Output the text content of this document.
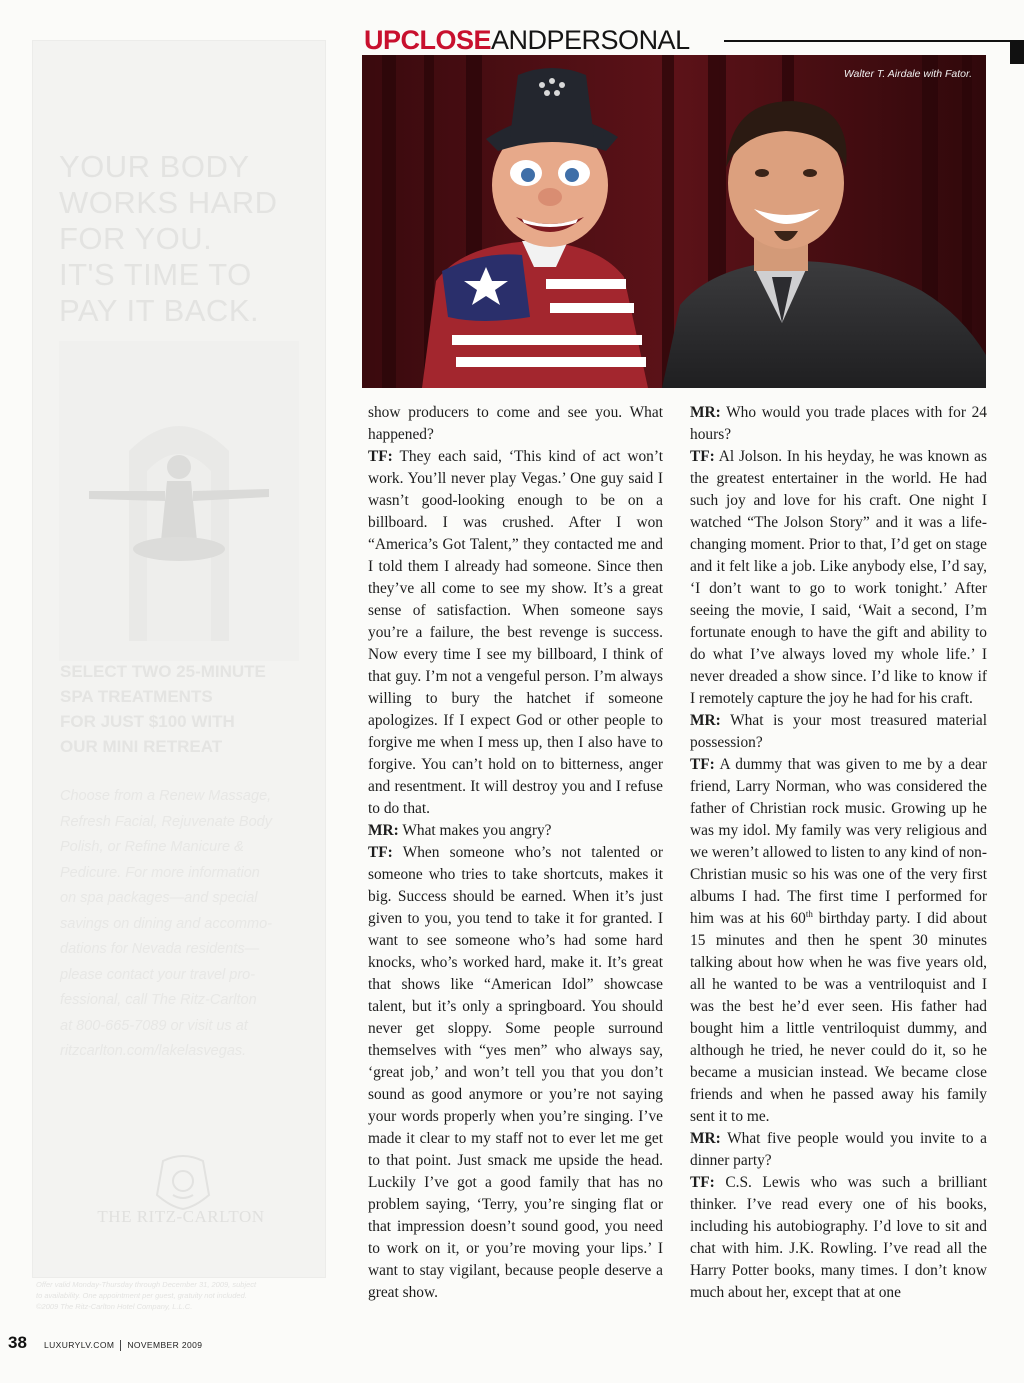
YOUR BODY
WORKS HARD
FOR YOU.
IT'S TIME TO
PAY IT BACK.
SELECT TWO 25-MINUTE
SPA TREATMENTS
FOR JUST $100 WITH
OUR MINI RETREAT

Choose from a Renew Massage,
Refresh Facial, Rejuvenate Body
Polish, or Refine Manicure &
Pedicure. For more information
on spa packages—and special
savings on dining and accommo-
dations for Nevada residents—
please contact your travel pro-
fessional, call The Ritz-Carlton
at 800-665-7089 or visit us at
ritzcarlton.com/lakelasvegas.

THE RITZ-CARLTON
Offer valid Monday-Thursday through December 31, 2009, subject
to availability. One appointment per guest, gratuity not included.
©2009 The Ritz-Carlton Hotel Company, L.L.C.
UPCLOSEANDPERSONAL
Walter T. Airdale with Fator.

show producers to come and see you. What happened?

TF: They each said, ‘This kind of act won’t work. You’ll never play Vegas.’ One guy said I wasn’t good-looking enough to be on a billboard. I was crushed. After I won “America’s Got Talent,” they contacted me and I told them I already had someone. Since then they’ve all come to see my show. It’s a great sense of satisfaction. When someone says you’re a failure, the best revenge is success. Now every time I see my billboard, I think of that guy. I’m not a vengeful person. I’m always willing to bury the hatchet if someone apologizes. If I expect God or other people to forgive me when I mess up, then I also have to forgive. You can’t hold on to bitterness, anger and resentment. It will destroy you and I refuse to do that.

MR: What makes you angry?

TF: When someone who’s not talented or someone who tries to take shortcuts, makes it big. Success should be earned. When it’s just given to you, you tend to take it for granted. I want to see someone who’s had some hard knocks, who’s worked hard, make it. It’s great that shows like “American Idol” showcase talent, but it’s only a springboard. You should never get sloppy. Some people surround themselves with “yes men” who always say, ‘great job,’ and won’t tell you that you don’t sound as good anymore or you’re not saying your words properly when you’re singing. I’ve made it clear to my staff not to ever let me get to that point. Just smack me upside the head. Luckily I’ve got a good family that has no problem saying, ‘Terry, you’re singing flat or that impression doesn’t sound good, you need to work on it, or you’re moving your lips.’ I want to stay vigilant, because people deserve a great show.

MR: Who would you trade places with for 24 hours?

TF: Al Jolson. In his heyday, he was known as the greatest entertainer in the world. He had such joy and love for his craft. One night I watched “The Jolson Story” and it was a life-changing moment. Prior to that, I’d get on stage and it felt like a job. Like anybody else, I’d say, ‘I don’t want to go to work tonight.’ After seeing the movie, I said, ‘Wait a second, I’m fortunate enough to have the gift and ability to do what I’ve always loved my whole life.’ I never dreaded a show since. I’d like to know if I remotely capture the joy he had for his craft.

MR: What is your most treasured material possession?

TF: A dummy that was given to me by a dear friend, Larry Norman, who was considered the father of Christian rock music. Growing up he was my idol. My family was very religious and we weren’t allowed to listen to any kind of non-Christian music so his was one of the very first albums I had. The first time I performed for him was at his 60th birthday party. I did about 15 minutes and then he spent 30 minutes talking about how when he was five years old, all he wanted to be was a ventriloquist and I was the best he’d ever seen. His father had bought him a little ventriloquist dummy, and although he tried, he never could do it, so he became a musician instead. We became close friends and when he passed away his family sent it to me.

MR: What five people would you invite to a dinner party?

TF: C.S. Lewis who was such a brilliant thinker. I’ve read every one of his books, including his autobiography. I’d love to sit and chat with him. J.K. Rowling. I’ve read all the Harry Potter books, many times. I don’t know much about her, except that at one

38 LUXURYLV.COM NOVEMBER 2009
